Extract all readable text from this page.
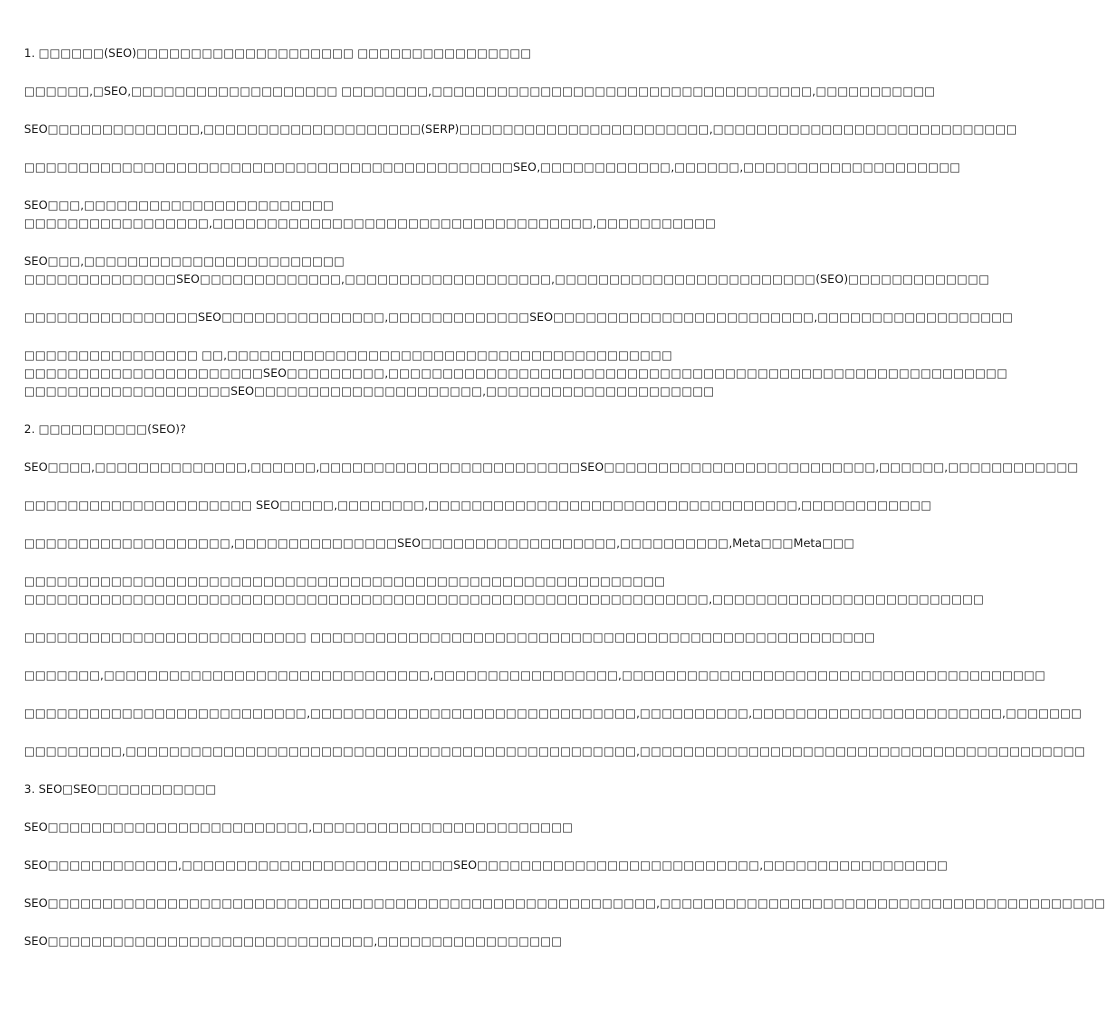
1. □□□□□□(SEO)□□□□□□□□□□□□□□□□□□□□ □□□□□□□□□□□□□□□□
□□□□□□,□SEO,□□□□□□□□□□□□□□□□□□□ □□□□□□□□,□□□□□□□□□□□□□□□□□□□□□□□□□□□□□□□□□□□,□□□□□□□□□□□
SEO□□□□□□□□□□□□□□,□□□□□□□□□□□□□□□□□□□□(SERP)□□□□□□□□□□□□□□□□□□□□□□□,□□□□□□□□□□□□□□□□□□□□□□□□□□□□
□□□□□□□□□□□□□□□□□□□□□□□□□□□□□□□□□□□□□□□□□□□□□SEO,□□□□□□□□□□□□,□□□□□□,□□□□□□□□□□□□□□□□□□□□
SEO□□□,□□□□□□□□□□□□□□□□□□□□□□□
□□□□□□□□□□□□□□□□□,□□□□□□□□□□□□□□□□□□□□□□□□□□□□□□□□□□□,□□□□□□□□□□□
SEO□□□,□□□□□□□□□□□□□□□□□□□□□□□□
□□□□□□□□□□□□□□SEO□□□□□□□□□□□□□,□□□□□□□□□□□□□□□□□□□,□□□□□□□□□□□□□□□□□□□□□□□□(SEO)□□□□□□□□□□□□□
□□□□□□□□□□□□□□□□SEO□□□□□□□□□□□□□□□,□□□□□□□□□□□□□SEO□□□□□□□□□□□□□□□□□□□□□□□□,□□□□□□□□□□□□□□□□□□
□□□□□□□□□□□□□□□□ □□,□□□□□□□□□□□□□□□□□□□□□□□□□□□□□□□□□□□□□□□□□
□□□□□□□□□□□□□□□□□□□□□□SEO□□□□□□□□□,□□□□□□□□□□□□□□□□□□□□□□□□□□□□□□□□□□□□□□□□□□□□□□□□□□□□□□□□□
□□□□□□□□□□□□□□□□□□□SEO□□□□□□□□□□□□□□□□□□□□□,□□□□□□□□□□□□□□□□□□□□□
2. □□□□□□□□□□(SEO)?
SEO□□□□,□□□□□□□□□□□□□□,□□□□□□,□□□□□□□□□□□□□□□□□□□□□□□□SEO□□□□□□□□□□□□□□□□□□□□□□□□□,□□□□□□,□□□□□□□□□□□□
□□□□□□□□□□□□□□□□□□□□□ SEO□□□□□,□□□□□□□□,□□□□□□□□□□□□□□□□□□□□□□□□□□□□□□□□□□,□□□□□□□□□□□□
□□□□□□□□□□□□□□□□□□□,□□□□□□□□□□□□□□□SEO□□□□□□□□□□□□□□□□□□,□□□□□□□□□□,Meta□□□Meta□□□
□□□□□□□□□□□□□□□□□□□□□□□□□□□□□□□□□□□□□□□□□□□□□□□□□□□□□□□□□□□
□□□□□□□□□□□□□□□□□□□□□□□□□□□□□□□□□□□□□□□□□□□□□□□□□□□□□□□□□□□□□□□,□□□□□□□□□□□□□□□□□□□□□□□□□
□□□□□□□□□□□□□□□□□□□□□□□□□□ □□□□□□□□□□□□□□□□□□□□□□□□□□□□□□□□□□□□□□□□□□□□□□□□□□□□
□□□□□□□,□□□□□□□□□□□□□□□□□□□□□□□□□□□□□□,□□□□□□□□□□□□□□□□□,□□□□□□□□□□□□□□□□□□□□□□□□□□□□□□□□□□□□□□□
□□□□□□□□□□□□□□□□□□□□□□□□□□,□□□□□□□□□□□□□□□□□□□□□□□□□□□□□□,□□□□□□□□□□,□□□□□□□□□□□□□□□□□□□□□□□,□□□□□□□
□□□□□□□□□,□□□□□□□□□□□□□□□□□□□□□□□□□□□□□□□□□□□□□□□□□□□□□□□,□□□□□□□□□□□□□□□□□□□□□□□□□□□□□□□□□□□□□□□□□
3. SEO□SEO□□□□□□□□□□□
SEO□□□□□□□□□□□□□□□□□□□□□□□□,□□□□□□□□□□□□□□□□□□□□□□□□
SEO□□□□□□□□□□□□,□□□□□□□□□□□□□□□□□□□□□□□□□SEO□□□□□□□□□□□□□□□□□□□□□□□□□□,□□□□□□□□□□□□□□□□□
SEO□□□□□□□□□□□□□□□□□□□□□□□□□□□□□□□□□□□□□□□□□□□□□□□□□□□□□□□□,□□□□□□□□□□□□□□□□□□□□□□□□□□□□□□□□□□□□□□□□□
SEO□□□□□□□□□□□□□□□□□□□□□□□□□□□□□□,□□□□□□□□□□□□□□□□□
